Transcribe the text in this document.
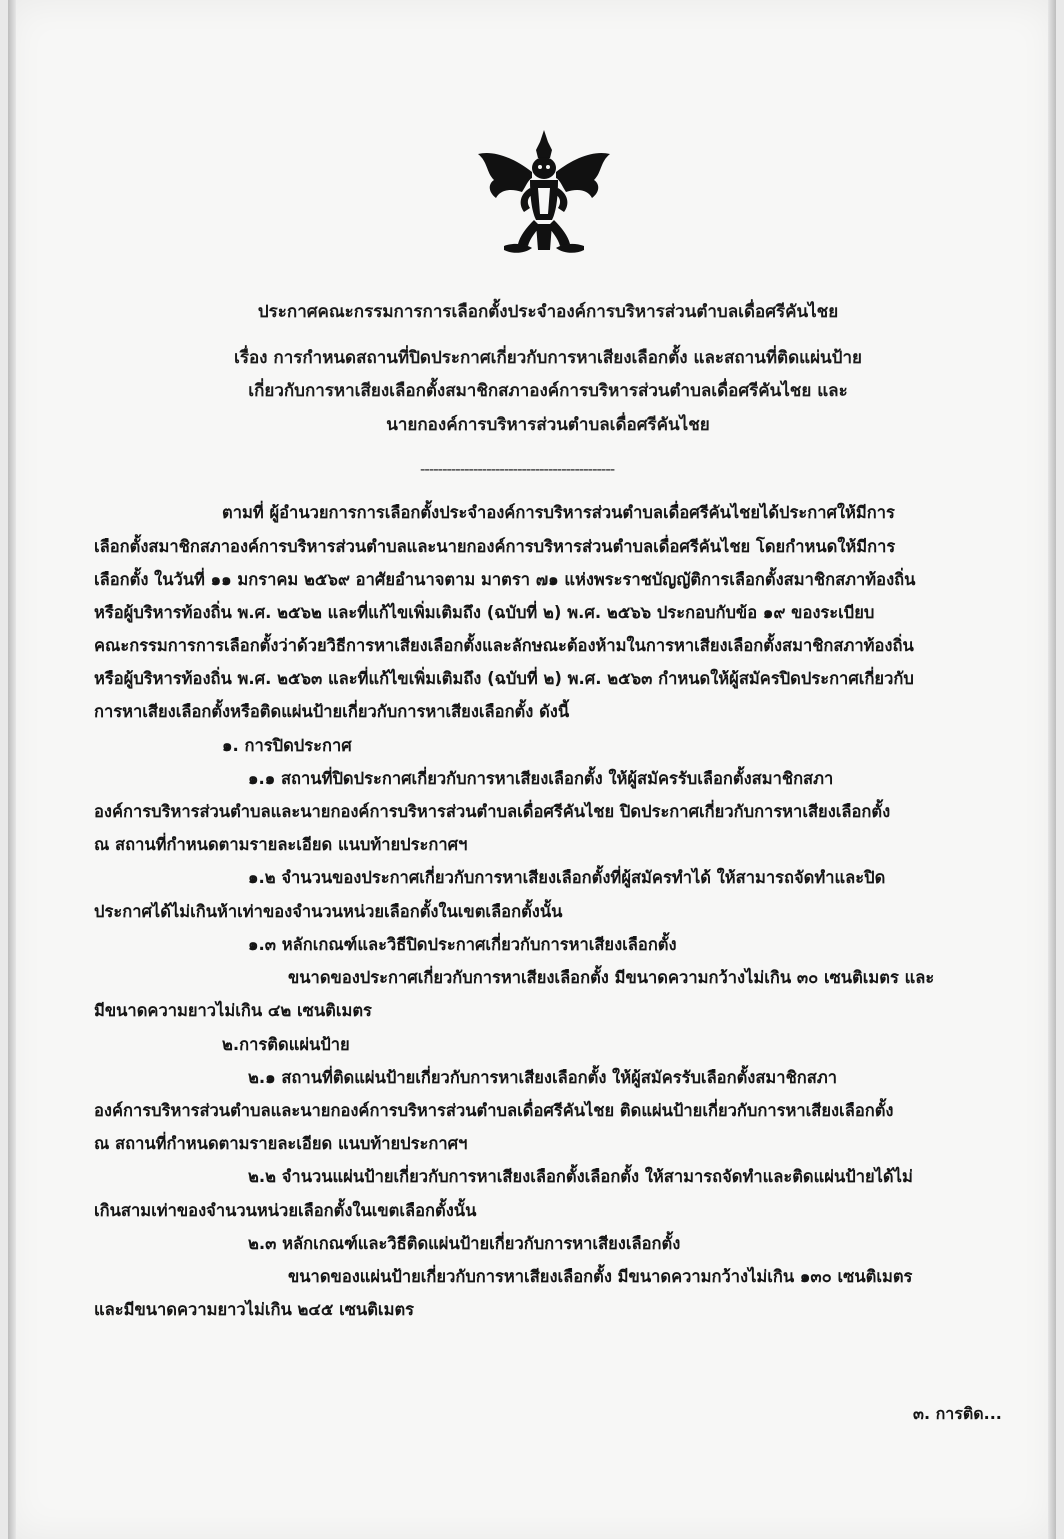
ประกาศคณะกรรมการการเลือกตั้งประจำองค์การบริหารส่วนตำบลเดื่อศรีคันไชย
เรื่อง การกำหนดสถานที่ปิดประกาศเกี่ยวกับการหาเสียงเลือกตั้ง และสถานที่ติดแผ่นป้าย
เกี่ยวกับการหาเสียงเลือกตั้งสมาชิกสภาองค์การบริหารส่วนตำบลเดื่อศรีคันไชย และ
นายกองค์การบริหารส่วนตำบลเดื่อศรีคันไชย
--------------------------------------------
ตามที่ ผู้อำนวยการการเลือกตั้งประจำองค์การบริหารส่วนตำบลเดื่อศรีคันไชยได้ประกาศให้มีการ
เลือกตั้งสมาชิกสภาองค์การบริหารส่วนตำบลและนายกองค์การบริหารส่วนตำบลเดื่อศรีคันไชย โดยกำหนดให้มีการ
เลือกตั้ง ในวันที่ ๑๑ มกราคม ๒๕๖๙ อาศัยอำนาจตาม มาตรา ๗๑ แห่งพระราชบัญญัติการเลือกตั้งสมาชิกสภาท้องถิ่น
หรือผู้บริหารท้องถิ่น พ.ศ. ๒๕๖๒ และที่แก้ไขเพิ่มเติมถึง (ฉบับที่ ๒) พ.ศ. ๒๕๖๖ ประกอบกับข้อ ๑๙ ของระเบียบ
คณะกรรมการการเลือกตั้งว่าด้วยวิธีการหาเสียงเลือกตั้งและลักษณะต้องห้ามในการหาเสียงเลือกตั้งสมาชิกสภาท้องถิ่น
หรือผู้บริหารท้องถิ่น พ.ศ. ๒๕๖๓ และที่แก้ไขเพิ่มเติมถึง (ฉบับที่ ๒) พ.ศ. ๒๕๖๓ กำหนดให้ผู้สมัครปิดประกาศเกี่ยวกับ
การหาเสียงเลือกตั้งหรือติดแผ่นป้ายเกี่ยวกับการหาเสียงเลือกตั้ง ดังนี้
๑. การปิดประกาศ
๑.๑ สถานที่ปิดประกาศเกี่ยวกับการหาเสียงเลือกตั้ง ให้ผู้สมัครรับเลือกตั้งสมาชิกสภา
องค์การบริหารส่วนตำบลและนายกองค์การบริหารส่วนตำบลเดื่อศรีคันไชย ปิดประกาศเกี่ยวกับการหาเสียงเลือกตั้ง
ณ สถานที่กำหนดตามรายละเอียด แนบท้ายประกาศฯ
๑.๒ จำนวนของประกาศเกี่ยวกับการหาเสียงเลือกตั้งที่ผู้สมัครทำได้ ให้สามารถจัดทำและปิด
ประกาศได้ไม่เกินห้าเท่าของจำนวนหน่วยเลือกตั้งในเขตเลือกตั้งนั้น
๑.๓ หลักเกณฑ์และวิธีปิดประกาศเกี่ยวกับการหาเสียงเลือกตั้ง
ขนาดของประกาศเกี่ยวกับการหาเสียงเลือกตั้ง มีขนาดความกว้างไม่เกิน ๓๐ เซนติเมตร และ
มีขนาดความยาวไม่เกิน ๔๒ เซนติเมตร
๒.การติดแผ่นป้าย
๒.๑ สถานที่ติดแผ่นป้ายเกี่ยวกับการหาเสียงเลือกตั้ง ให้ผู้สมัครรับเลือกตั้งสมาชิกสภา
องค์การบริหารส่วนตำบลและนายกองค์การบริหารส่วนตำบลเดื่อศรีคันไชย ติดแผ่นป้ายเกี่ยวกับการหาเสียงเลือกตั้ง
ณ สถานที่กำหนดตามรายละเอียด แนบท้ายประกาศฯ
๒.๒ จำนวนแผ่นป้ายเกี่ยวกับการหาเสียงเลือกตั้งเลือกตั้ง ให้สามารถจัดทำและติดแผ่นป้ายได้ไม่
เกินสามเท่าของจำนวนหน่วยเลือกตั้งในเขตเลือกตั้งนั้น
๒.๓ หลักเกณฑ์และวิธีติดแผ่นป้ายเกี่ยวกับการหาเสียงเลือกตั้ง
ขนาดของแผ่นป้ายเกี่ยวกับการหาเสียงเลือกตั้ง มีขนาดความกว้างไม่เกิน ๑๓๐ เซนติเมตร
และมีขนาดความยาวไม่เกิน ๒๔๕ เซนติเมตร
๓. การติด...
